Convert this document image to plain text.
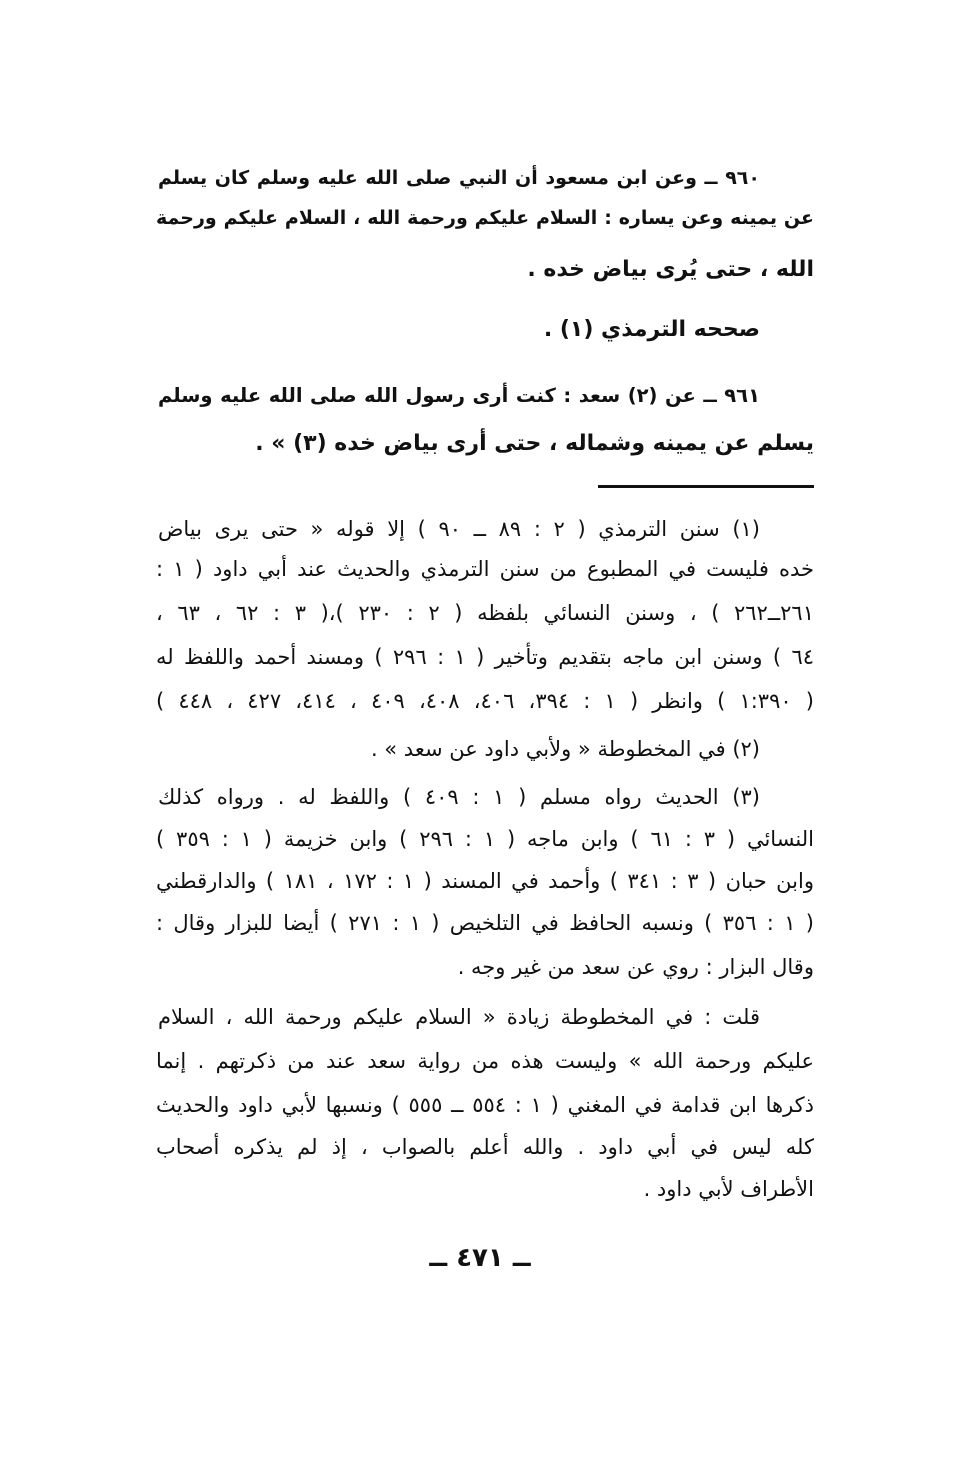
٩٦٠ ــ وعن ابن مسعود أن النبي صلى الله عليه وسلم كان يسلم
عن يمينه وعن يساره : السلام عليكم ورحمة الله ، السلام عليكم ورحمة
الله ، حتى يُرى بياض خده .
صححه الترمذي (١) .
٩٦١ ــ عن (٢) سعد : كنت أرى رسول الله صلى الله عليه وسلم
يسلم عن يمينه وشماله ، حتى أرى بياض خده (٣) » .
(١) سنن الترمذي ( ٢ : ٨٩ ــ ٩٠ ) إلا قوله « حتى يرى بياض
خده فليست في المطبوع من سنن الترمذي والحديث عند أبي داود ( ١ :
٢٦١ــ٢٦٢ ) ، وسنن النسائي بلفظه ( ٢ : ٢٣٠ )،( ٣ : ٦٢ ، ٦٣ ،
٦٤ ) وسنن ابن ماجه بتقديم وتأخير ( ١ : ٢٩٦ ) ومسند أحمد واللفظ له
( ١:٣٩٠ ) وانظر ( ١ : ٣٩٤، ٤٠٦، ٤٠٨، ٤٠٩ ، ٤١٤، ٤٢٧ ، ٤٤٨ )
(٢) في المخطوطة « ولأبي داود عن سعد » .
(٣) الحديث رواه مسلم ( ١ : ٤٠٩ ) واللفظ له . ورواه كذلك
النسائي ( ٣ : ٦١ ) وابن ماجه ( ١ : ٢٩٦ ) وابن خزيمة ( ١ : ٣٥٩ )
وابن حبان ( ٣ : ٣٤١ ) وأحمد في المسند ( ١ : ١٧٢ ، ١٨١ ) والدارقطني
( ١ : ٣٥٦ ) ونسبه الحافظ في التلخيص ( ١ : ٢٧١ ) أيضا للبزار وقال :
وقال البزار : روي عن سعد من غير وجه .
قلت : في المخطوطة زيادة « السلام عليكم ورحمة الله ، السلام
عليكم ورحمة الله » وليست هذه من رواية سعد عند من ذكرتهم . إنما
ذكرها ابن قدامة في المغني ( ١ : ٥٥٤ ــ ٥٥٥ ) ونسبها لأبي داود والحديث
كله ليس في أبي داود . والله أعلم بالصواب ، إذ لم يذكره أصحاب
الأطراف لأبي داود .
ــ ٤٧١ ــ
